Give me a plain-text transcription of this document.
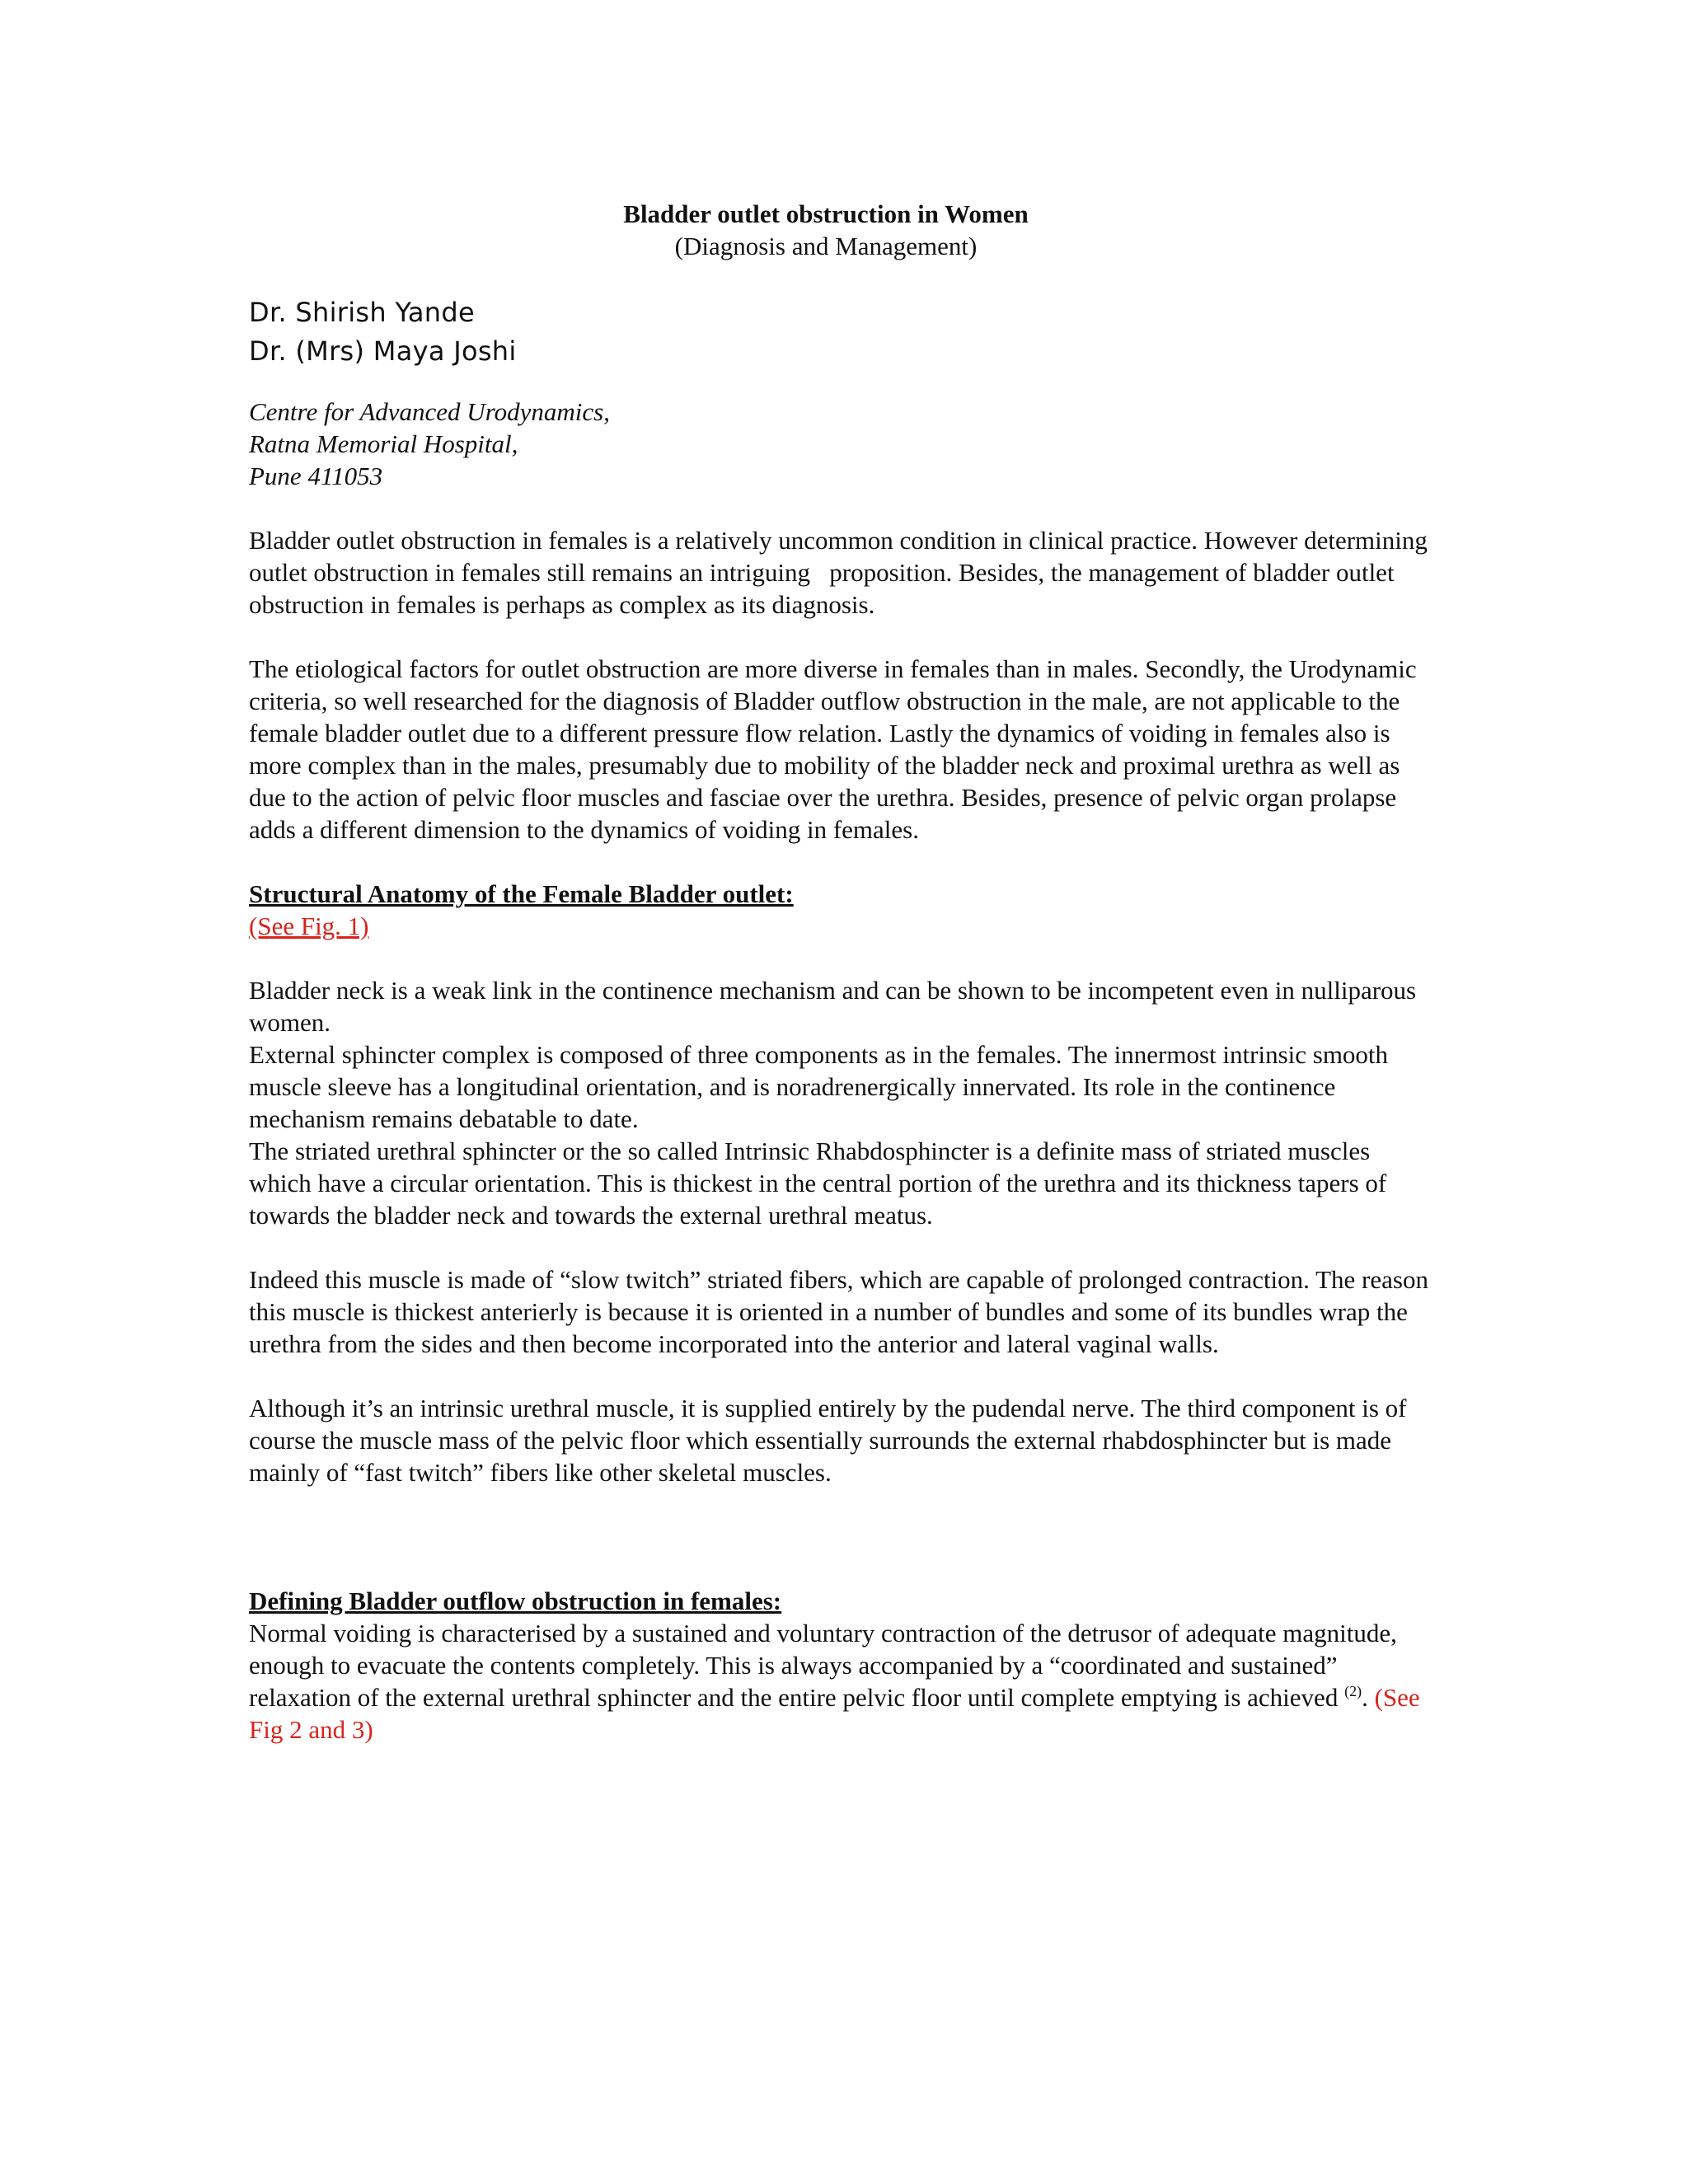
Bladder outlet obstruction in Women
(Diagnosis and Management)
Dr. Shirish Yande
Dr. (Mrs) Maya Joshi
Centre for Advanced Urodynamics,
Ratna Memorial Hospital,
Pune 411053
Bladder outlet obstruction in females is a relatively uncommon condition in clinical practice. However determining
outlet obstruction in females still remains an intriguing   proposition. Besides, the management of bladder outlet
obstruction in females is perhaps as complex as its diagnosis.
The etiological factors for outlet obstruction are more diverse in females than in males. Secondly, the Urodynamic
criteria, so well researched for the diagnosis of Bladder outflow obstruction in the male, are not applicable to the
female bladder outlet due to a different pressure flow relation. Lastly the dynamics of voiding in females also is
more complex than in the males, presumably due to mobility of the bladder neck and proximal urethra as well as
due to the action of pelvic floor muscles and fasciae over the urethra. Besides, presence of pelvic organ prolapse
adds a different dimension to the dynamics of voiding in females.
Structural Anatomy of the Female Bladder outlet:
(See Fig. 1)
Bladder neck is a weak link in the continence mechanism and can be shown to be incompetent even in nulliparous
women.
External sphincter complex is composed of three components as in the females. The innermost intrinsic smooth
muscle sleeve has a longitudinal orientation, and is noradrenergically innervated. Its role in the continence
mechanism remains debatable to date.
The striated urethral sphincter or the so called Intrinsic Rhabdosphincter is a definite mass of striated muscles
which have a circular orientation. This is thickest in the central portion of the urethra and its thickness tapers of
towards the bladder neck and towards the external urethral meatus.
Indeed this muscle is made of “slow twitch” striated fibers, which are capable of prolonged contraction. The reason
this muscle is thickest anterierly is because it is oriented in a number of bundles and some of its bundles wrap the
urethra from the sides and then become incorporated into the anterior and lateral vaginal walls.
Although it’s an intrinsic urethral muscle, it is supplied entirely by the pudendal nerve. The third component is of
course the muscle mass of the pelvic floor which essentially surrounds the external rhabdosphincter but is made
mainly of “fast twitch” fibers like other skeletal muscles.
Defining Bladder outflow obstruction in females:
Normal voiding is characterised by a sustained and voluntary contraction of the detrusor of adequate magnitude,
enough to evacuate the contents completely. This is always accompanied by a “coordinated and sustained”
relaxation of the external urethral sphincter and the entire pelvic floor until complete emptying is achieved $^{(2)}$. (See
Fig 2 and 3)
